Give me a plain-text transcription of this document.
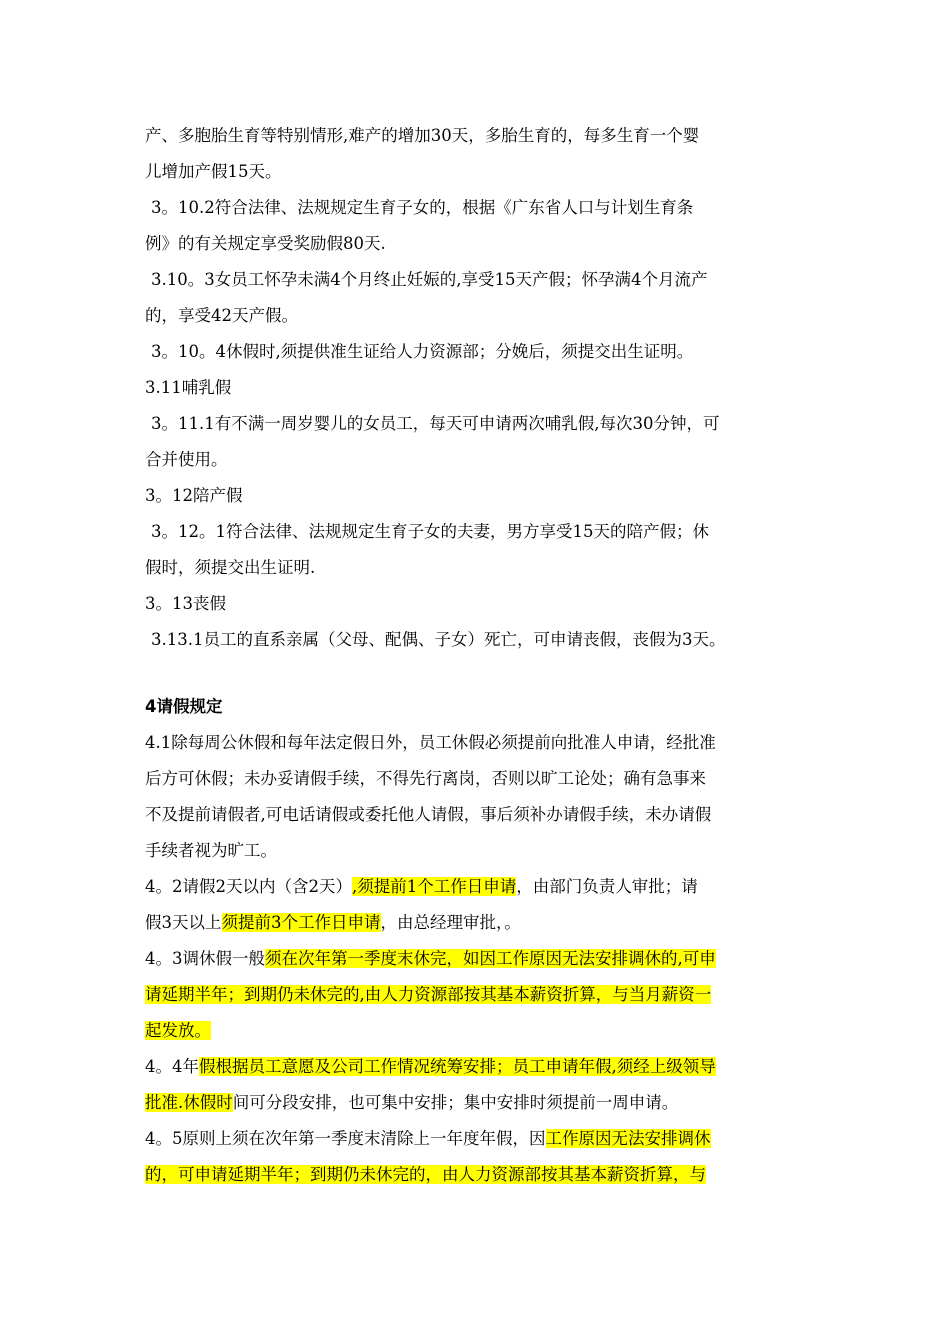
产、多胞胎生育等特别情形,难产的增加30天，多胎生育的，每多生育一个婴

儿增加产假15天。

3。10.2符合法律、法规规定生育子女的，根据《广东省人口与计划生育条

例》的有关规定享受奖励假80天.

3.10。3女员工怀孕未满4个月终止妊娠的,享受15天产假；怀孕满4个月流产

的，享受42天产假。

3。10。4休假时,须提供准生证给人力资源部；分娩后，须提交出生证明。

3.11哺乳假

3。11.1有不满一周岁婴儿的女员工，每天可申请两次哺乳假,每次30分钟，可

合并使用。

3。12陪产假

3。12。1符合法律、法规规定生育子女的夫妻，男方享受15天的陪产假；休

假时，须提交出生证明.

3。13丧假

3.13.1员工的直系亲属（父母、配偶、子女）死亡，可申请丧假，丧假为3天。

4请假规定

4.1除每周公休假和每年法定假日外，员工休假必须提前向批准人申请，经批准

后方可休假；未办妥请假手续，不得先行离岗，否则以旷工论处；确有急事来

不及提前请假者,可电话请假或委托他人请假，事后须补办请假手续，未办请假

手续者视为旷工。

4。2请假2天以内（含2天）,须提前1个工作日申请，由部门负责人审批；请

假3天以上须提前3个工作日申请，由总经理审批，。

4。3调休假一般须在次年第一季度末休完，如因工作原因无法安排调休的,可申

请延期半年；到期仍未休完的,由人力资源部按其基本薪资折算，与当月薪资一

起发放。

4。4年假根据员工意愿及公司工作情况统筹安排；员工申请年假,须经上级领导

批准.休假时间可分段安排，也可集中安排；集中安排时须提前一周申请。

4。5原则上须在次年第一季度末清除上一年度年假，因工作原因无法安排调休

的，可申请延期半年；到期仍未休完的，由人力资源部按其基本薪资折算，与
